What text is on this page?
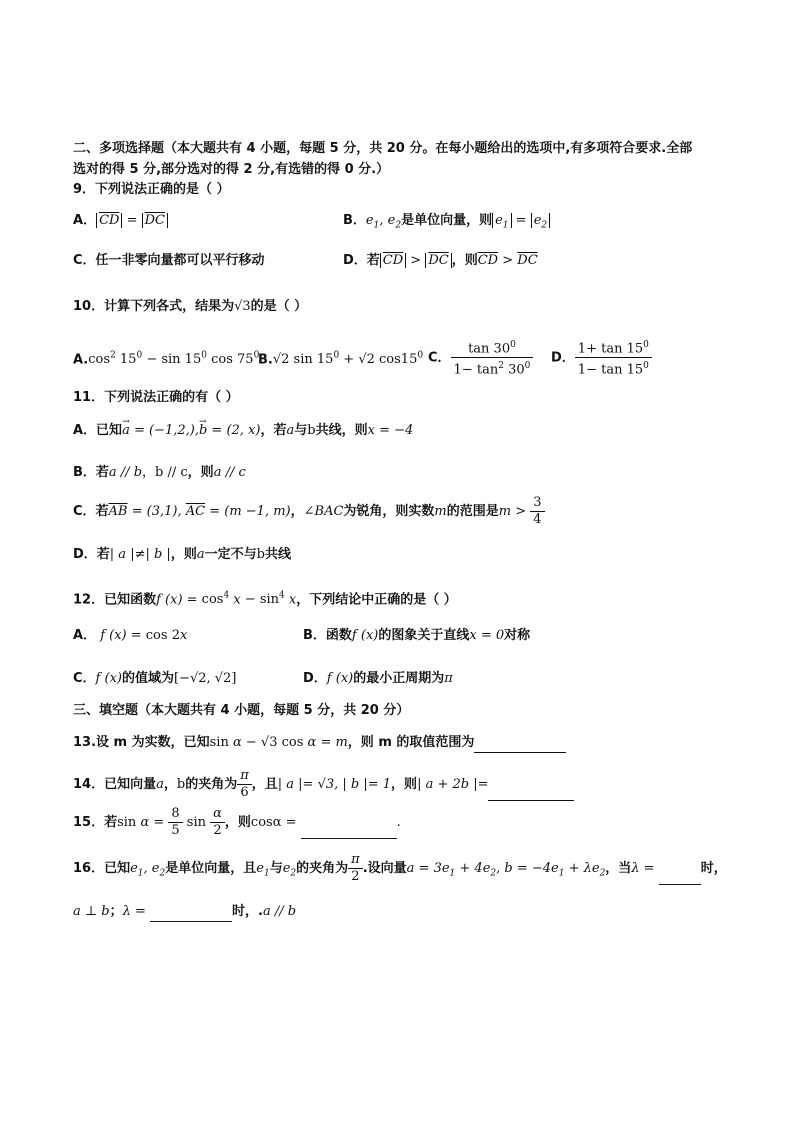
二、多项选择题（本大题共有 4 小题，每题 5 分，共 20 分。在每小题给出的选项中,有多项符合要求.全部
选对的得 5 分,部分选对的得 2 分,有选错的得 0 分.）
9．下列说法正确的是（ ）
A． $\overline{CD} = \overline{DC}$	B．$e_1$, $e_2$是单位向量，则 $e_1 = e_2$
C．任一非零向量都可以平行移动	D．若 $\overline{CD} > \overline{DC}$ ，则$\overline{CD} > \overline{DC}$
10．计算下列各式，结果为√3的是（ ）
$A.\cos^2$ $15^0 - \sin 15^0$ $\cos 75^0$
B.√2 $\sin 15^0 + √2$ $\cos 15^0$ C． $\frac{\tan 30^0}{1- \tan^2 30^0}$ D． $\frac{1+ \tan 15^0}{1- \tan 15^0}$
11．下列说法正确的有（ ）
A．已知→ a = (−1,2,),→ b = (2, x)，若a与b共线，则x = −4
B．若a // b，b // c，则a // c
C．若$\overline{AB} = (3,1)$, $\overline{AC} = (m -1$, m)，∠BAC为锐角，则实数m的范围是$m > \frac{3}{4}$
D．若| a |≠| b |，则a一定不与b共线
12．已知函数f $(x) = \cos^4 x - \sin^4 x$，下列结论中正确的是（ ）
A． f (x) = cos 2x	B．函数f (x)的图象关于直线x = 0对称
C．f (x)的值域为[−√2, √2]	D．f (x)的最小正周期为π
三、填空题（本大题共有 4 小题，每题 5 分，共 20 分）
13.设 m 为实数，已知sin α − √3 cos α = m，则 m 的取值范围为
14．已知向量a，b的夹角为 $\frac{\pi}{6}$ ，且| a |= √3, | b |= 1，则| a + 2b |=
15．若$\sin \alpha = \frac{8}{5}$ $\sin \frac{\alpha}{2}$ ，则cosα =	.
16．已知$e_1$, $e_2$是单位向量，且$e_1$与$e_2$的夹角为 $\frac{\pi}{2}$ .设向量$a = 3e_1 + 4e_2$, $b = -4e_1 + \lambda e_2$，当λ =	时，
a ⊥ b；λ =	时，.a // b
